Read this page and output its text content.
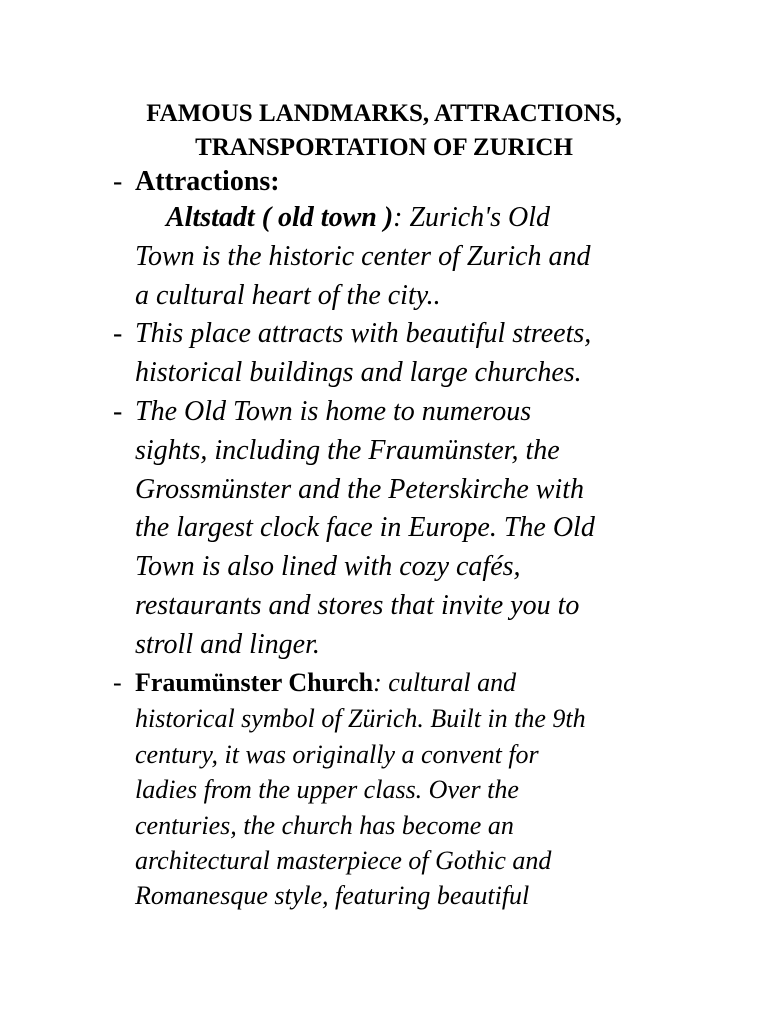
FAMOUS LANDMARKS, ATTRACTIONS,
TRANSPORTATION OF ZURICH
- Attractions:
Altstadt ( old town ): Zurich's Old
Town is the historic center of Zurich and
a cultural heart of the city..
- This place attracts with beautiful streets,
historical buildings and large churches.
- The Old Town is home to numerous
sights, including the Fraumünster, the
Grossmünster and the Peterskirche with
the largest clock face in Europe. The Old
Town is also lined with cozy cafés,
restaurants and stores that invite you to
stroll and linger.
- Fraumünster Church: cultural and
historical symbol of Zürich. Built in the 9th
century, it was originally a convent for
ladies from the upper class. Over the
centuries, the church has become an
architectural masterpiece of Gothic and
Romanesque style, featuring beautiful
